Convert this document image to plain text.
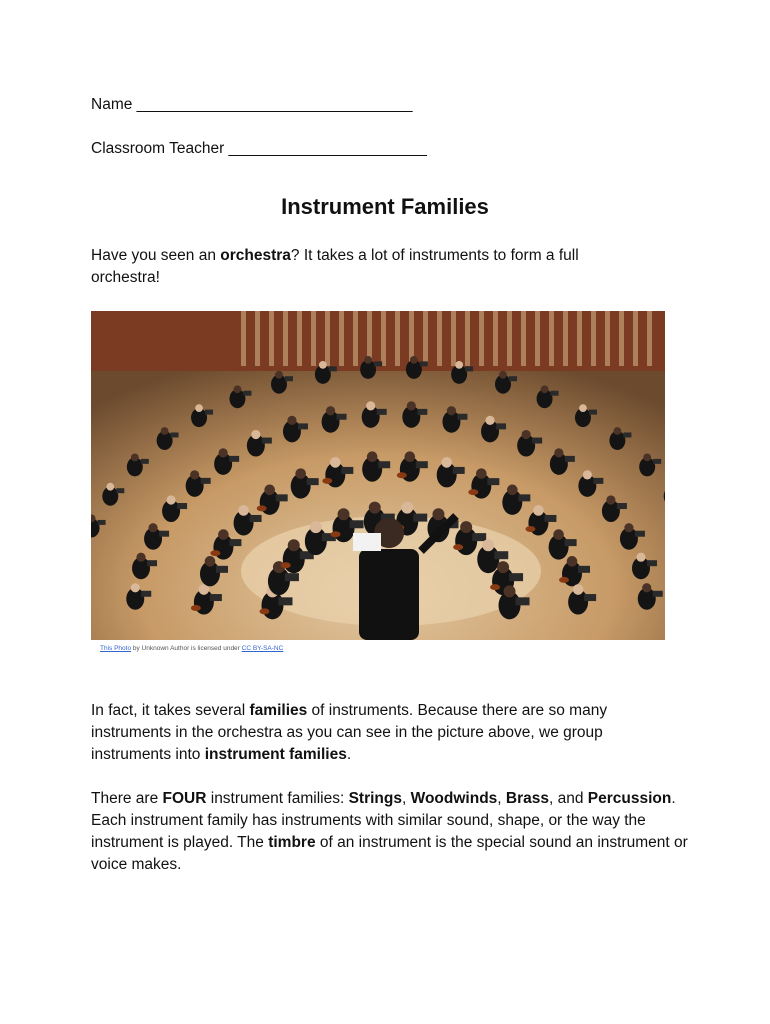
Name ________________________________
Classroom Teacher _______________________
Instrument Families
Have you seen an orchestra? It takes a lot of instruments to form a full orchestra!
This Photo by Unknown Author is licensed under CC BY-SA-NC
In fact, it takes several families of instruments. Because there are so many instruments in the orchestra as you can see in the picture above, we group instruments into instrument families.
There are FOUR instrument families: Strings, Woodwinds, Brass, and Percussion. Each instrument family has instruments with similar sound, shape, or the way the instrument is played. The timbre of an instrument is the special sound an instrument or voice makes.
